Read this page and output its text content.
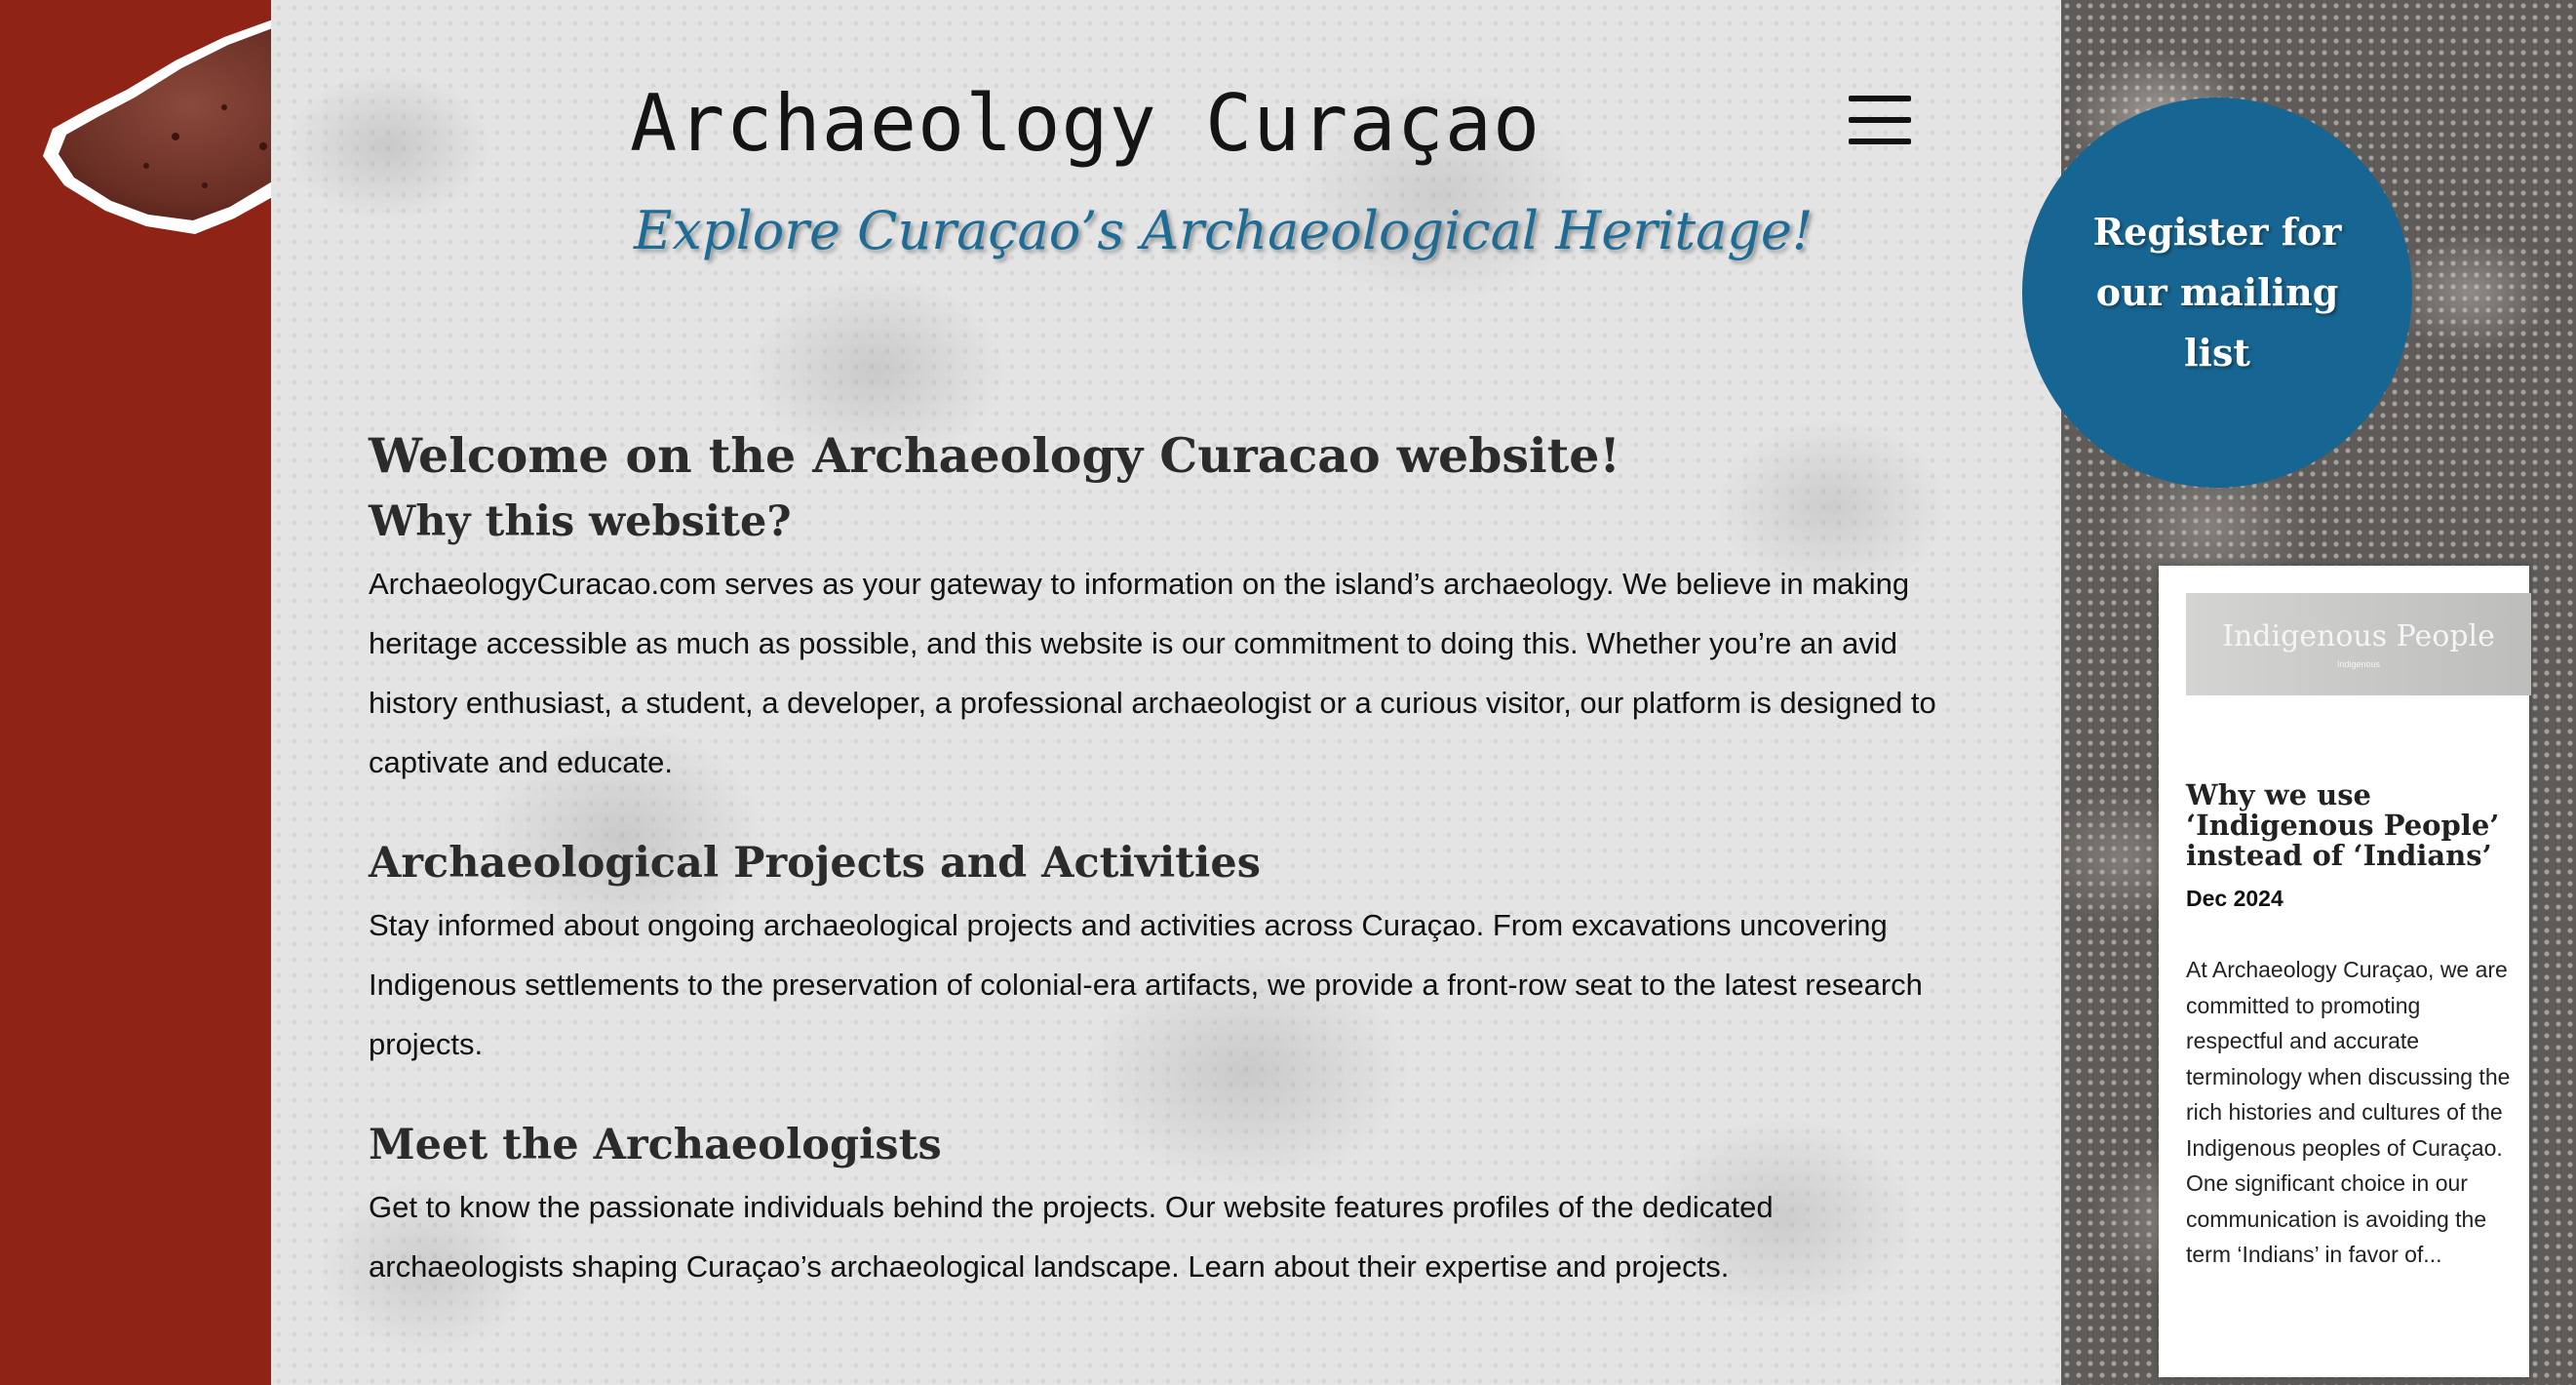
Archaeology Curaçao
Explore Curaçao’s Archaeological Heritage!
Welcome on the Archaeology Curacao website!
Why this website?

ArchaeologyCuracao.com serves as your gateway to information on the island’s archaeology. We believe in making heritage accessible as much as possible, and this website is our commitment to doing this. Whether you’re an avid history enthusiast, a student, a developer, a professional archaeologist or a curious visitor, our platform is designed to captivate and educate.

Archaeological Projects and Activities

Stay informed about ongoing archaeological projects and activities across Curaçao. From excavations uncovering Indigenous settlements to the preservation of colonial-era artifacts, we provide a front-row seat to the latest research projects.

Meet the Archaeologists

Get to know the passionate individuals behind the projects. Our website features profiles of the dedicated archaeologists shaping Curaçao’s archaeological landscape. Learn about their expertise and projects.

Register for our mailing list
Indigenous People
Indigenous
Why we use ‘Indigenous People’ instead of ‘Indians’
Dec 2024

At Archaeology Curaçao, we are committed to promoting respectful and accurate terminology when discussing the rich histories and cultures of the Indigenous peoples of Curaçao. One significant choice in our communication is avoiding the term ‘Indians’ in favor of...
